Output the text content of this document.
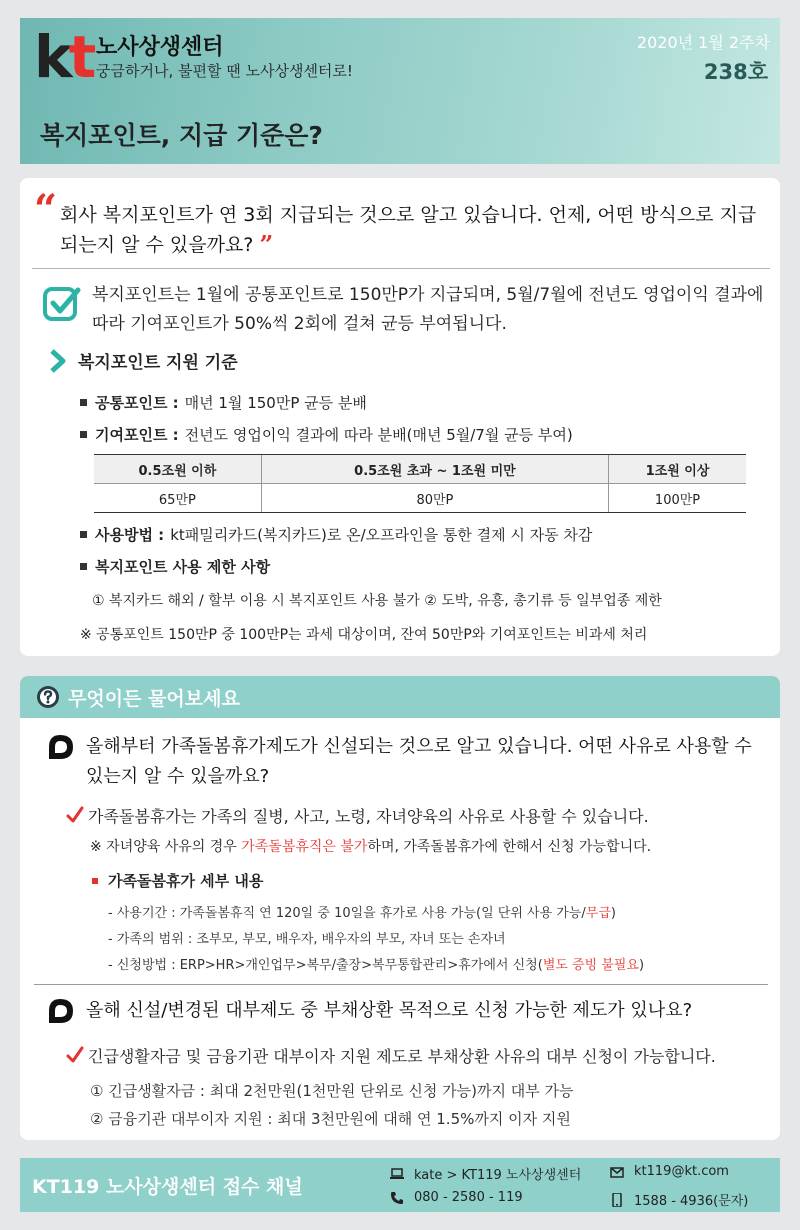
k t 노사상생센터
궁금하거나, 불편할 땐 노사상생센터로!
2020년 1월 2주차
238호
복지포인트, 지급 기준은?
“ 회사 복지포인트가 연 3회 지급되는 것으로 알고 있습니다. 언제, 어떤 방식으로 지급되는지 알 수 있을까요? ”
복지포인트는 1월에 공통포인트로 150만P가 지급되며, 5월/7월에 전년도 영업이익 결과에 따라 기여포인트가 50%씩 2회에 걸쳐 균등 부여됩니다.
복지포인트 지원 기준
공통포인트 : 매년 1월 150만P 균등 분배
기여포인트 : 전년도 영업이익 결과에 따라 분배(매년 5월/7월 균등 부여)
0.5조원 이하	0.5조원 초과 ~ 1조원 미만	1조원 이상
65만P	80만P	100만P
사용방법 : kt패밀리카드(복지카드)로 온/오프라인을 통한 결제 시 자동 차감
복지포인트 사용 제한 사항
① 복지카드 해외 / 할부 이용 시 복지포인트 사용 불가 ② 도박, 유흥, 총기류 등 일부업종 제한
※ 공통포인트 150만P 중 100만P는 과세 대상이며, 잔여 50만P와 기여포인트는 비과세 처리
무엇이든 물어보세요
올해부터 가족돌봄휴가제도가 신설되는 것으로 알고 있습니다. 어떤 사유로 사용할 수 있는지 알 수 있을까요?
가족돌봄휴가는 가족의 질병, 사고, 노령, 자녀양육의 사유로 사용할 수 있습니다.
※ 자녀양육 사유의 경우 가족돌봄휴직은 불가하며, 가족돌봄휴가에 한해서 신청 가능합니다.
가족돌봄휴가 세부 내용
- 사용기간 : 가족돌봄휴직 연 120일 중 10일을 휴가로 사용 가능(일 단위 사용 가능/무급)
- 가족의 범위 : 조부모, 부모, 배우자, 배우자의 부모, 자녀 또는 손자녀
- 신청방법 : ERP>HR>개인업무>복무/출장>복무통합관리>휴가에서 신청(별도 증빙 불필요)
올해 신설/변경된 대부제도 중 부채상환 목적으로 신청 가능한 제도가 있나요?
긴급생활자금 및 금융기관 대부이자 지원 제도로 부채상환 사유의 대부 신청이 가능합니다.
① 긴급생활자금 : 최대 2천만원(1천만원 단위로 신청 가능)까지 대부 가능
② 금융기관 대부이자 지원 : 최대 3천만원에 대해 연 1.5%까지 이자 지원
KT119 노사상생센터 접수 채널
kate > KT119 노사상생센터	kt119@kt.com
080 - 2580 - 119	1588 - 4936(문자)
